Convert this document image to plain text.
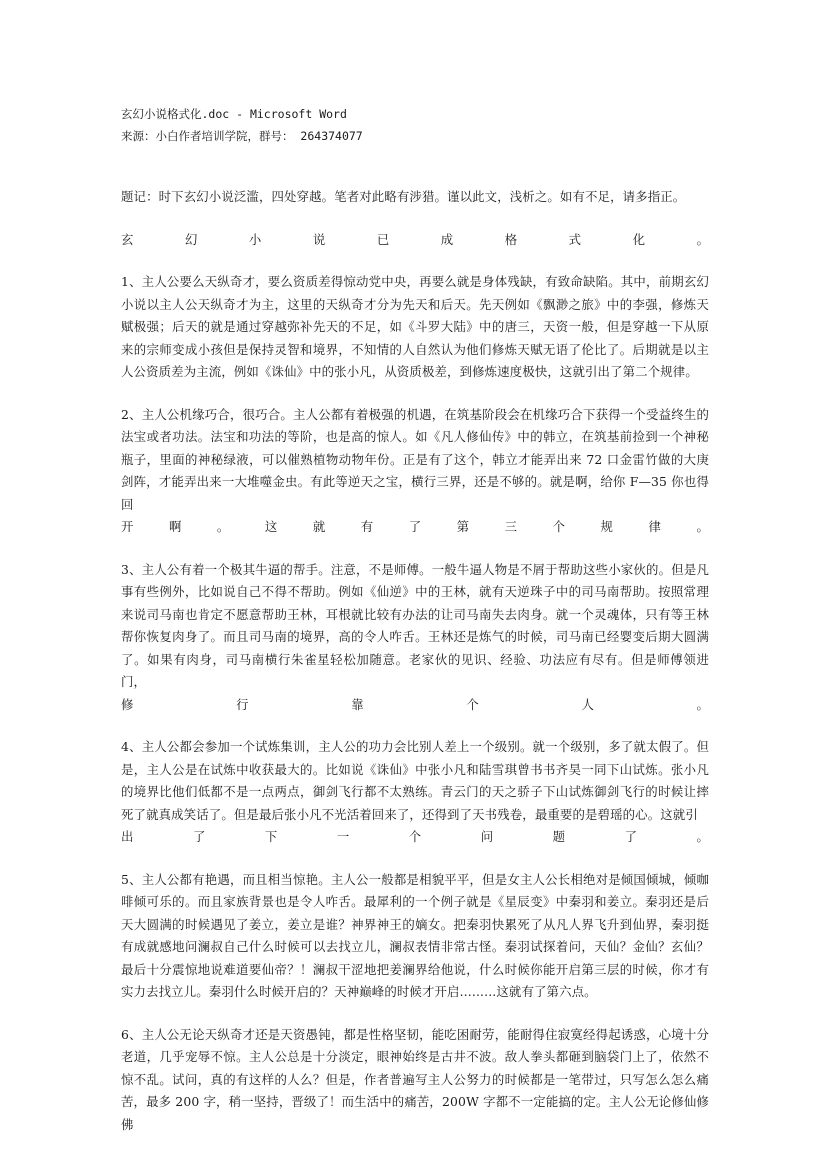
玄幻小说格式化.doc - Microsoft Word
来源：小白作者培训学院，群号： 264374077

题记：时下玄幻小说泛滥，四处穿越。笔者对此略有涉猎。谨以此文，浅析之。如有不足，请多指正。

玄	幻	小	说	已	成	格	式	化	。
1、主人公要么天纵奇才，要么资质差得惊动党中央，再要么就是身体残缺，有致命缺陷。其中，前期玄幻小说以主人公天纵奇才为主，这里的天纵奇才分为先天和后天。先天例如《飘渺之旅》中的李强，修炼天赋极强；后天的就是通过穿越弥补先天的不足，如《斗罗大陆》中的唐三，天资一般，但是穿越一下从原来的宗师变成小孩但是保持灵智和境界，不知情的人自然认为他们修炼天赋无语了伦比了。后期就是以主人公资质差为主流，例如《诛仙》中的张小凡，从资质极差，到修炼速度极快，这就引出了第二个规律。
2、主人公机缘巧合，很巧合。主人公都有着极强的机遇，在筑基阶段会在机缘巧合下获得一个受益终生的法宝或者功法。法宝和功法的等阶，也是高的惊人。如《凡人修仙传》中的韩立，在筑基前捡到一个神秘瓶子，里面的神秘绿液，可以催熟植物动物年份。正是有了这个，韩立才能弄出来 72 口金雷竹做的大庚剑阵，才能弄出来一大堆噬金虫。有此等逆天之宝，横行三界，还是不够的。就是啊，给你 F—35 你也得回
开	啊	。	这	就	有	了	第	三	个	规	律	。
3、主人公有着一个极其牛逼的帮手。注意，不是师傅。一般牛逼人物是不屑于帮助这些小家伙的。但是凡事有些例外，比如说自己不得不帮助。例如《仙逆》中的王林，就有天逆珠子中的司马南帮助。按照常理来说司马南也肯定不愿意帮助王林，耳根就比较有办法的让司马南失去肉身。就一个灵魂体，只有等王林帮你恢复肉身了。而且司马南的境界，高的令人咋舌。王林还是炼气的时候，司马南已经婴变后期大圆满了。如果有肉身，司马南横行朱雀星轻松加随意。老家伙的见识、经验、功法应有尽有。但是师傅领进门，
修	行	靠	个	人	。
4、主人公都会参加一个试炼集训，主人公的功力会比别人差上一个级别。就一个级别，多了就太假了。但是，主人公是在试炼中收获最大的。比如说《诛仙》中张小凡和陆雪琪曾书书齐昊一同下山试炼。张小凡的境界比他们低都不是一点两点，御剑飞行都不太熟练。青云门的天之骄子下山试炼御剑飞行的时候让摔死了就真成笑话了。但是最后张小凡不光活着回来了，还得到了天书残卷，最重要的是碧瑶的心。这就引
出	了	下	一	个	问	题	了	。
5、主人公都有艳遇，而且相当惊艳。主人公一般都是相貌平平，但是女主人公长相绝对是倾国倾城，倾咖啡倾可乐的。而且家族背景也是令人咋舌。最犀利的一个例子就是《星辰变》中秦羽和姜立。秦羽还是后天大圆满的时候遇见了姜立，姜立是谁？神界神王的嫡女。把秦羽快累死了从凡人界飞升到仙界，秦羽挺有成就感地问澜叔自己什么时候可以去找立儿，澜叔表情非常古怪。秦羽试探着问，天仙？金仙？玄仙？最后十分震惊地说难道要仙帝？！澜叔干涩地把姜澜界给他说，什么时候你能开启第三层的时候，你才有实力去找立儿。秦羽什么时候开启的？天神巅峰的时候才开启.........这就有了第六点。
6、主人公无论天纵奇才还是天资愚钝，都是性格坚韧，能吃困耐劳，能耐得住寂寞经得起诱惑，心境十分老道，几乎宠辱不惊。主人公总是十分淡定，眼神始终是古井不波。敌人拳头都砸到脑袋门上了，依然不惊不乱。试问，真的有这样的人么？但是，作者普遍写主人公努力的时候都是一笔带过，只写怎么怎么痛苦，最多 200 字，稍一坚持，晋级了！而生活中的痛苦，200W 字都不一定能搞的定。主人公无论修仙修佛
